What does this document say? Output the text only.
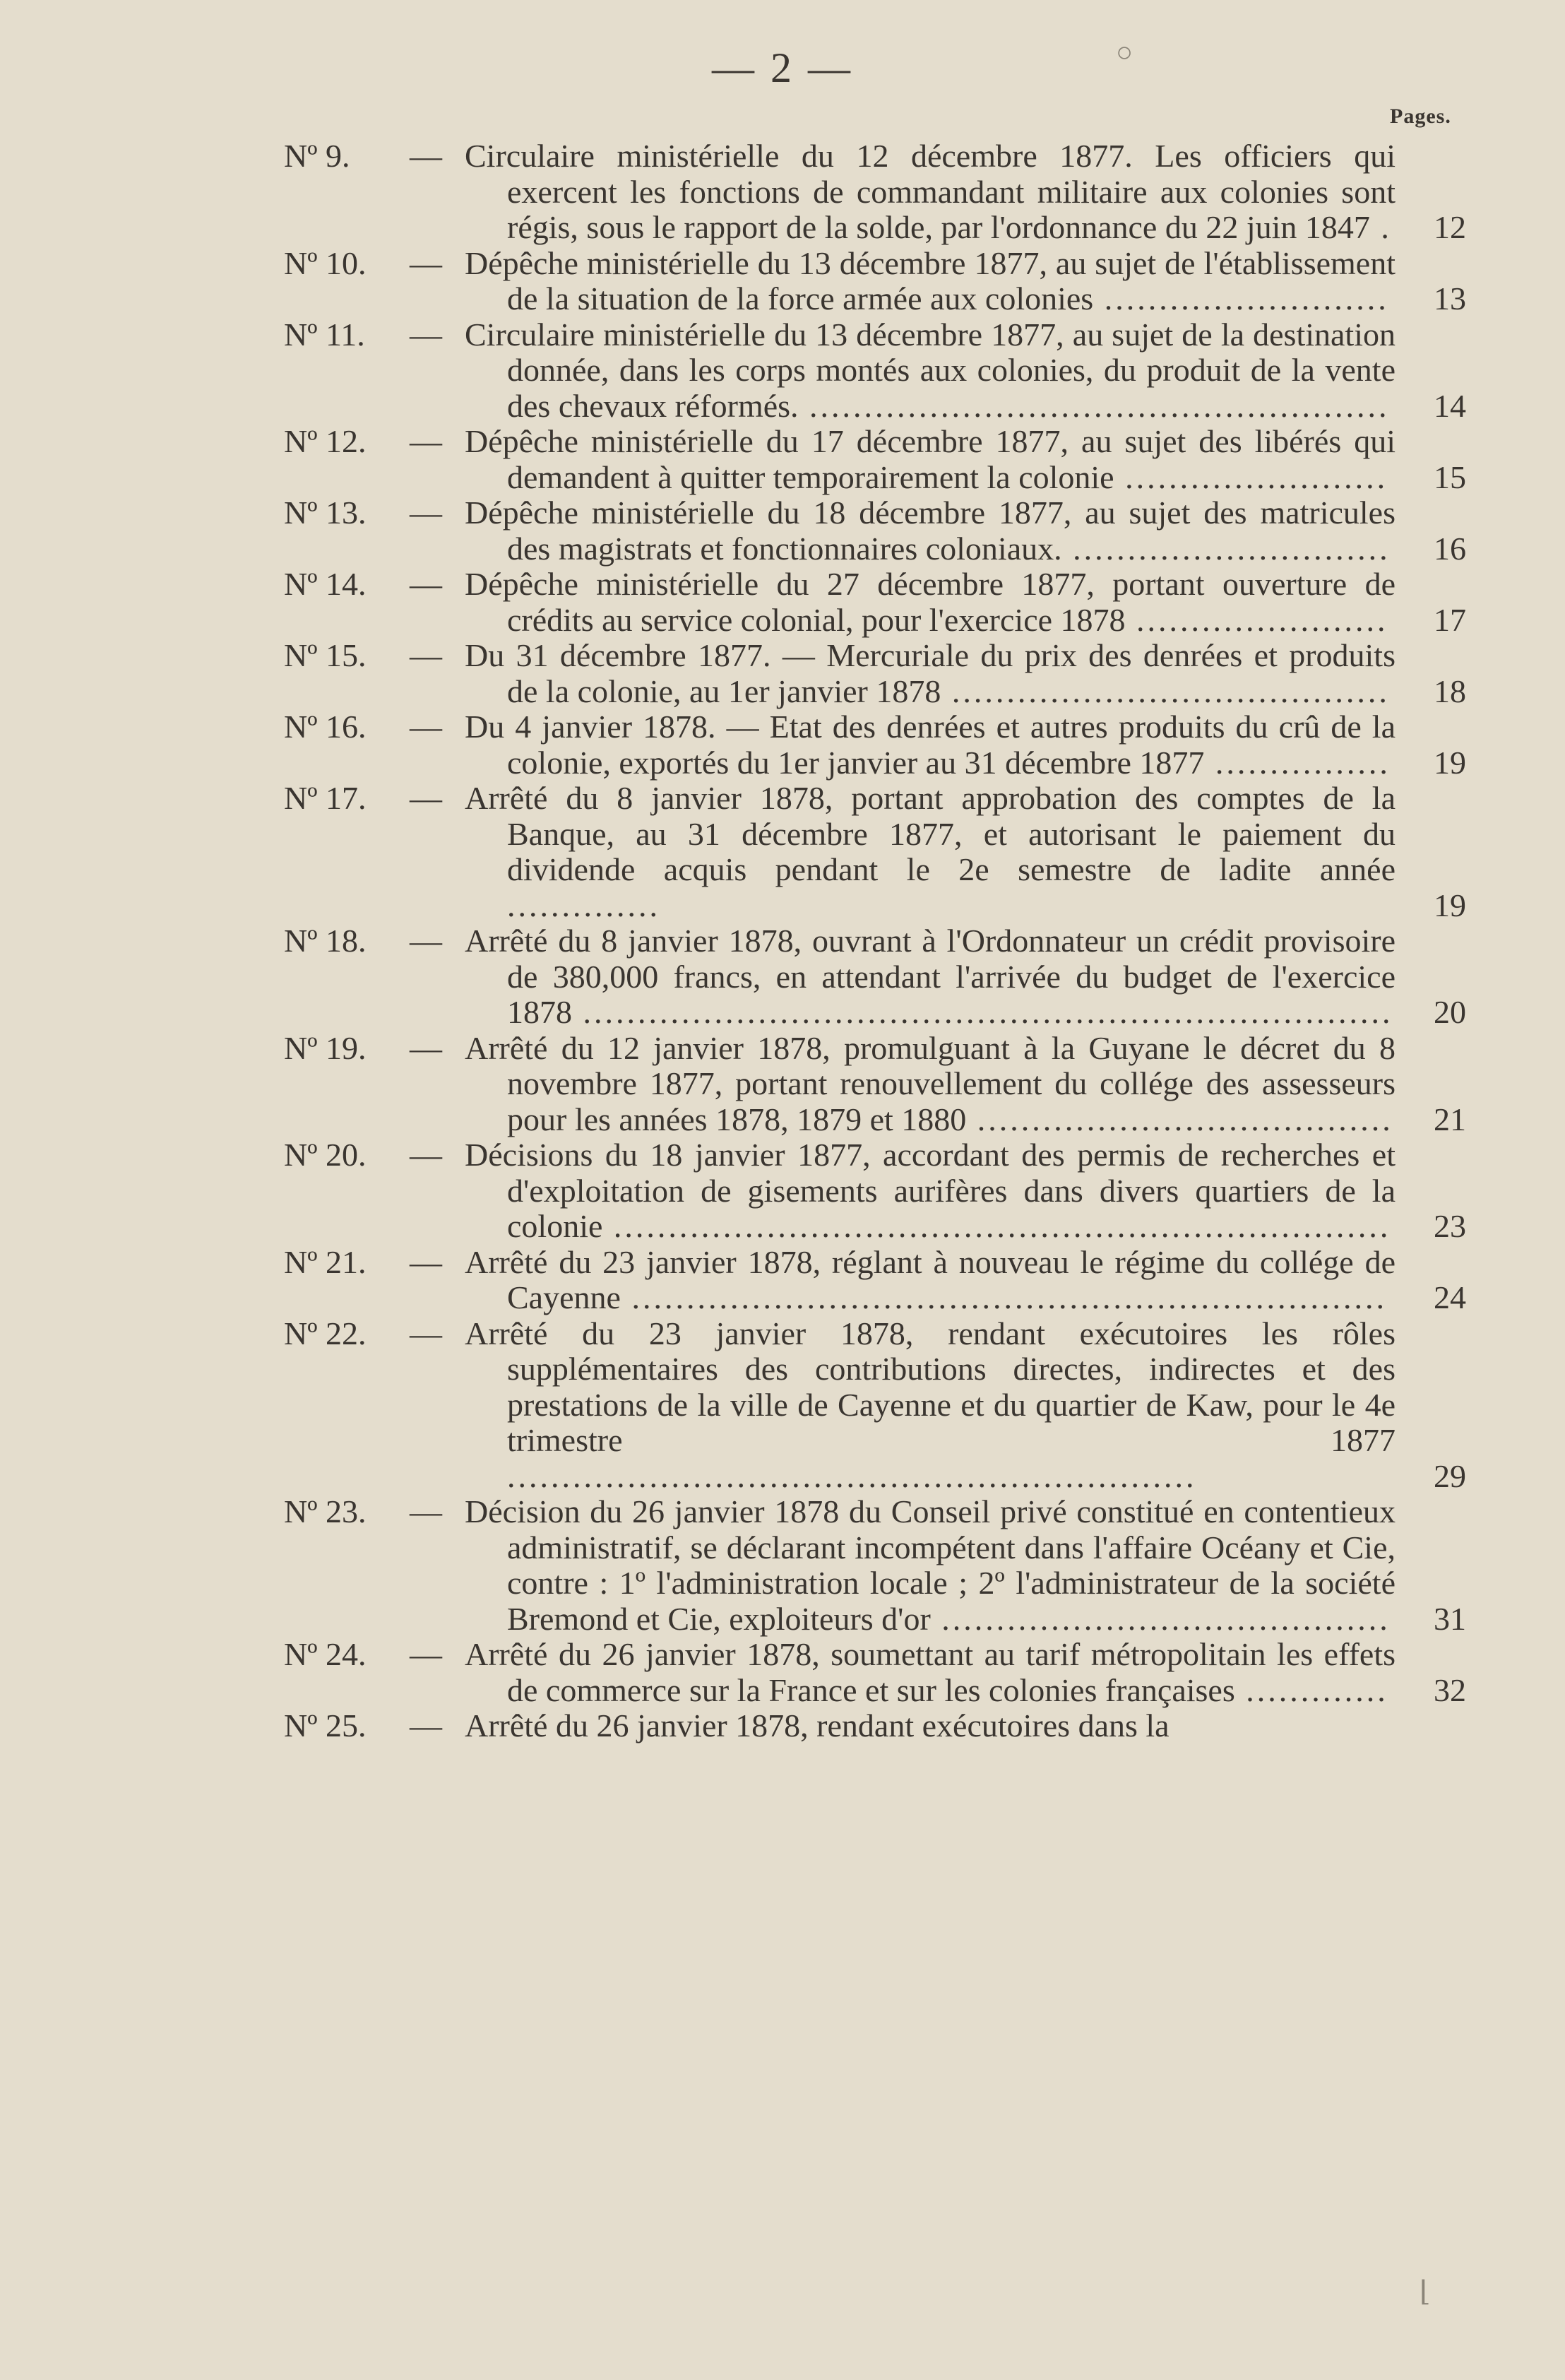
— 2 —
Pages.
Nº 9.	— Circulaire ministérielle du 12 décembre 1877. Les officiers qui exercent les fonctions de commandant militaire aux colonies sont régis, sous le rapport de la solde, par l'ordonnance du 22 juin 1847 .	12
Nº 10.	— Dépêche ministérielle du 13 décembre 1877, au sujet de l'établissement de la situation de la force armée aux colonies ..........................	13
Nº 11.	— Circulaire ministérielle du 13 décembre 1877, au sujet de la destination donnée, dans les corps montés aux colonies, du produit de la vente des chevaux réformés. .....................................................	14
Nº 12.	— Dépêche ministérielle du 17 décembre 1877, au sujet des libérés qui demandent à quitter temporairement la colonie ........................	15
Nº 13.	— Dépêche ministérielle du 18 décembre 1877, au sujet des matricules des magistrats et fonctionnaires coloniaux. .............................	16
Nº 14.	— Dépêche ministérielle du 27 décembre 1877, portant ouverture de crédits au service colonial, pour l'exercice 1878 .......................	17
Nº 15.	— Du 31 décembre 1877. — Mercuriale du prix des denrées et produits de la colonie, au 1er janvier 1878 ........................................	18
Nº 16.	— Du 4 janvier 1878. — Etat des denrées et autres produits du crû de la colonie, exportés du 1er janvier au 31 décembre 1877 ................	19
Nº 17.	— Arrêté du 8 janvier 1878, portant approbation des comptes de la Banque, au 31 décembre 1877, et autorisant le paiement du dividende acquis pendant le 2e semestre de ladite année ..............	19
Nº 18.	— Arrêté du 8 janvier 1878, ouvrant à l'Ordonnateur un crédit provisoire de 380,000 francs, en attendant l'arrivée du budget de l'exercice 1878 ..........................................................................	20
Nº 19.	— Arrêté du 12 janvier 1878, promulguant à la Guyane le décret du 8 novembre 1877, portant renouvellement du collége des assesseurs pour les années 1878, 1879 et 1880 ......................................	21
Nº 20.	— Décisions du 18 janvier 1877, accordant des permis de recherches et d'exploitation de gisements aurifères dans divers quartiers de la colonie .......................................................................	23
Nº 21.	— Arrêté du 23 janvier 1878, réglant à nouveau le régime du collége de Cayenne .....................................................................	24
Nº 22.	— Arrêté du 23 janvier 1878, rendant exécutoires les rôles supplémentaires des contributions directes, indirectes et des prestations de la ville de Cayenne et du quartier de Kaw, pour le 4e trimestre 1877 ...............................................................	29
Nº 23.	— Décision du 26 janvier 1878 du Conseil privé constitué en contentieux administratif, se déclarant incompétent dans l'affaire Océany et Cie, contre : 1º l'administration locale ; 2º l'administrateur de la société Bremond et Cie, exploiteurs d'or .........................................	31
Nº 24.	— Arrêté du 26 janvier 1878, soumettant au tarif métropolitain les effets de commerce sur la France et sur les colonies françaises .............	32
Nº 25.	— Arrêté du 26 janvier 1878, rendant exécutoires dans la
○
⌊
